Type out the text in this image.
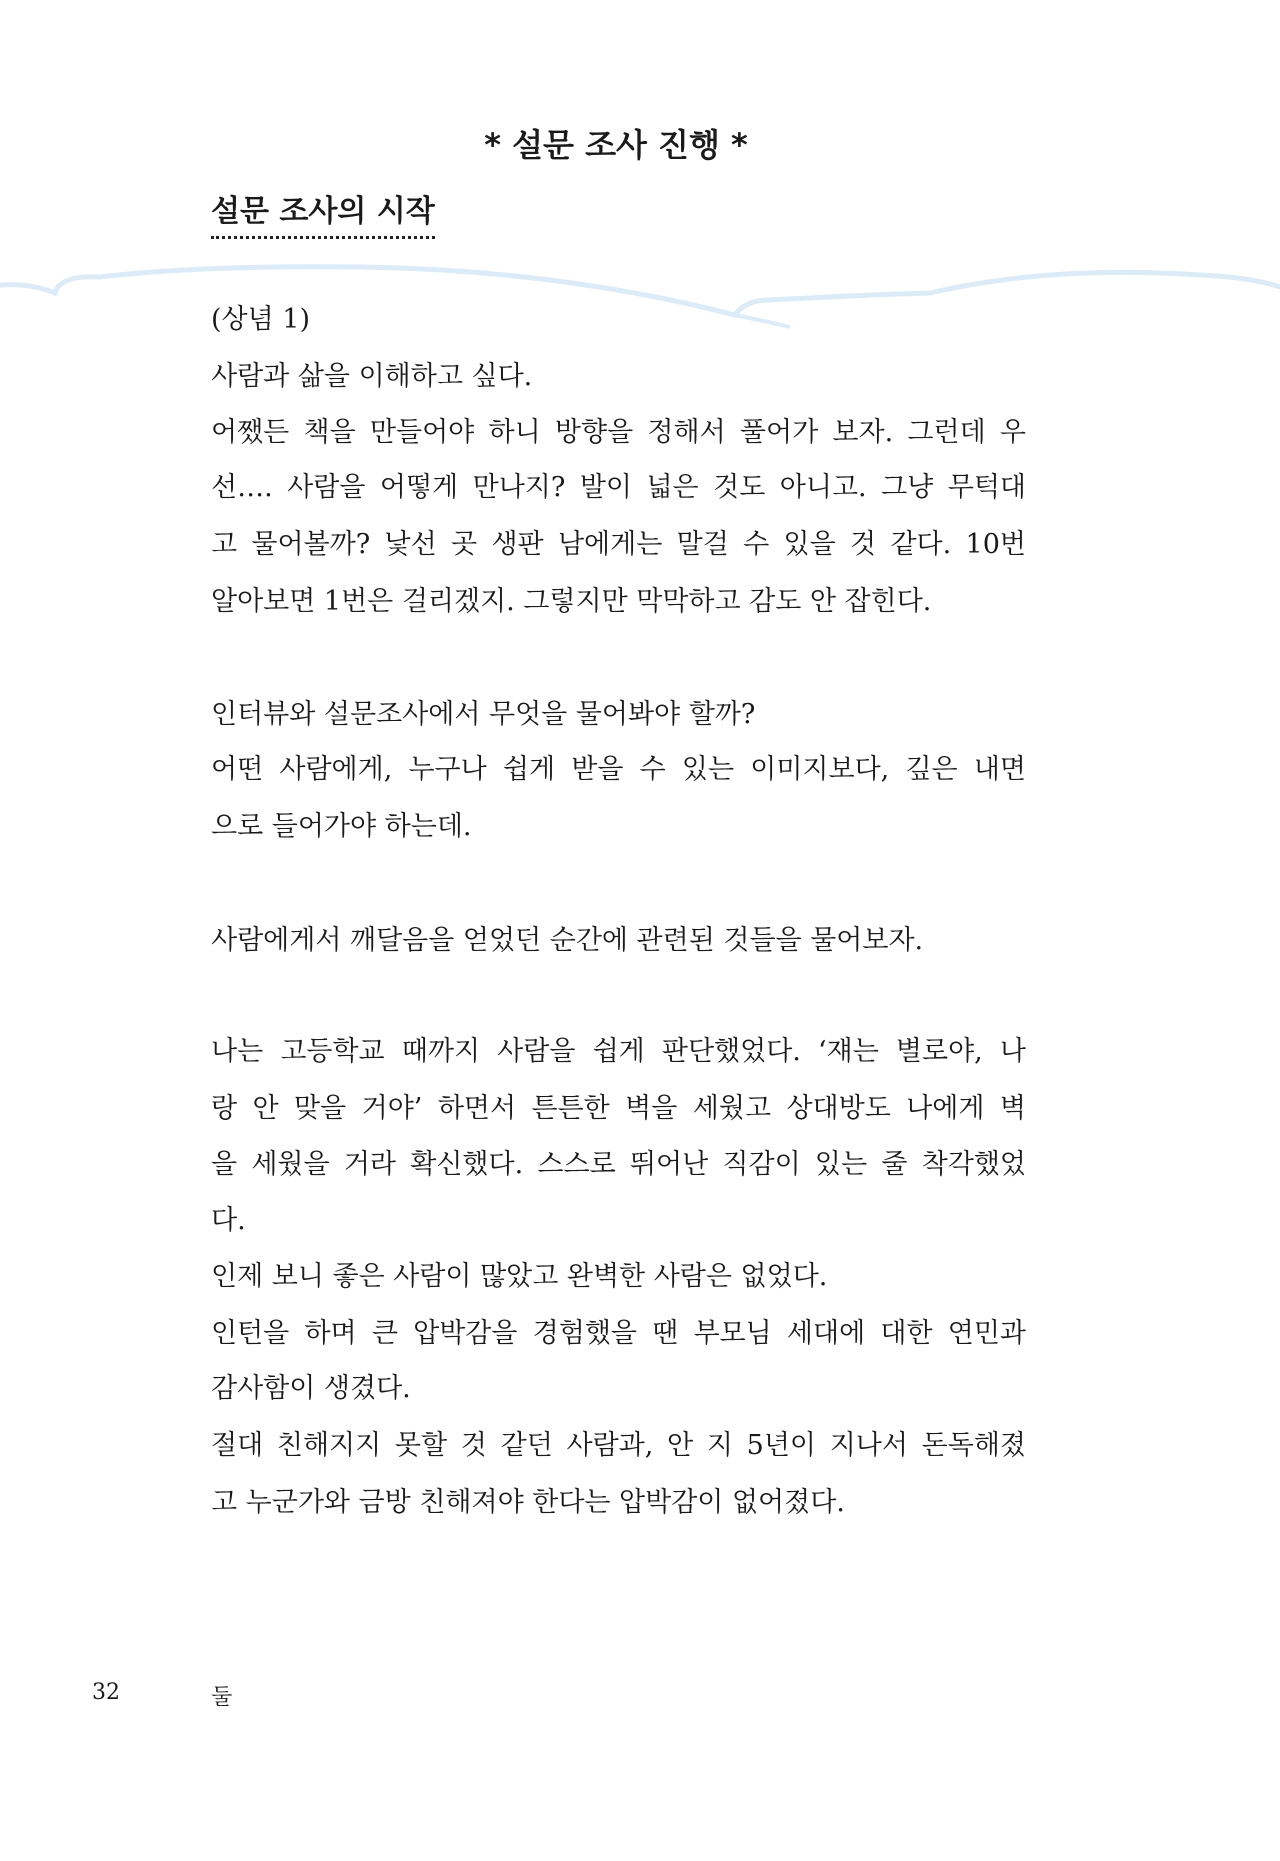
* 설문 조사 진행 *
설문 조사의 시작
(상념 1)
사람과 삶을 이해하고 싶다.
어쨌든 책을 만들어야 하니 방향을 정해서 풀어가 보자. 그런데 우
선…. 사람을 어떻게 만나지? 발이 넓은 것도 아니고. 그냥 무턱대
고 물어볼까? 낯선 곳 생판 남에게는 말걸 수 있을 것 같다. 10번
알아보면 1번은 걸리겠지. 그렇지만 막막하고 감도 안 잡힌다.
인터뷰와 설문조사에서 무엇을 물어봐야 할까?
어떤 사람에게, 누구나 쉽게 받을 수 있는 이미지보다, 깊은 내면
으로 들어가야 하는데.
사람에게서 깨달음을 얻었던 순간에 관련된 것들을 물어보자.
나는 고등학교 때까지 사람을 쉽게 판단했었다. ‘쟤는 별로야, 나
랑 안 맞을 거야’ 하면서 튼튼한 벽을 세웠고 상대방도 나에게 벽
을 세웠을 거라 확신했다. 스스로 뛰어난 직감이 있는 줄 착각했었
다.
인제 보니 좋은 사람이 많았고 완벽한 사람은 없었다.
인턴을 하며 큰 압박감을 경험했을 땐 부모님 세대에 대한 연민과
감사함이 생겼다.
절대 친해지지 못할 것 같던 사람과, 안 지 5년이 지나서 돈독해졌
고 누군가와 금방 친해져야 한다는 압박감이 없어졌다.
32	둘
